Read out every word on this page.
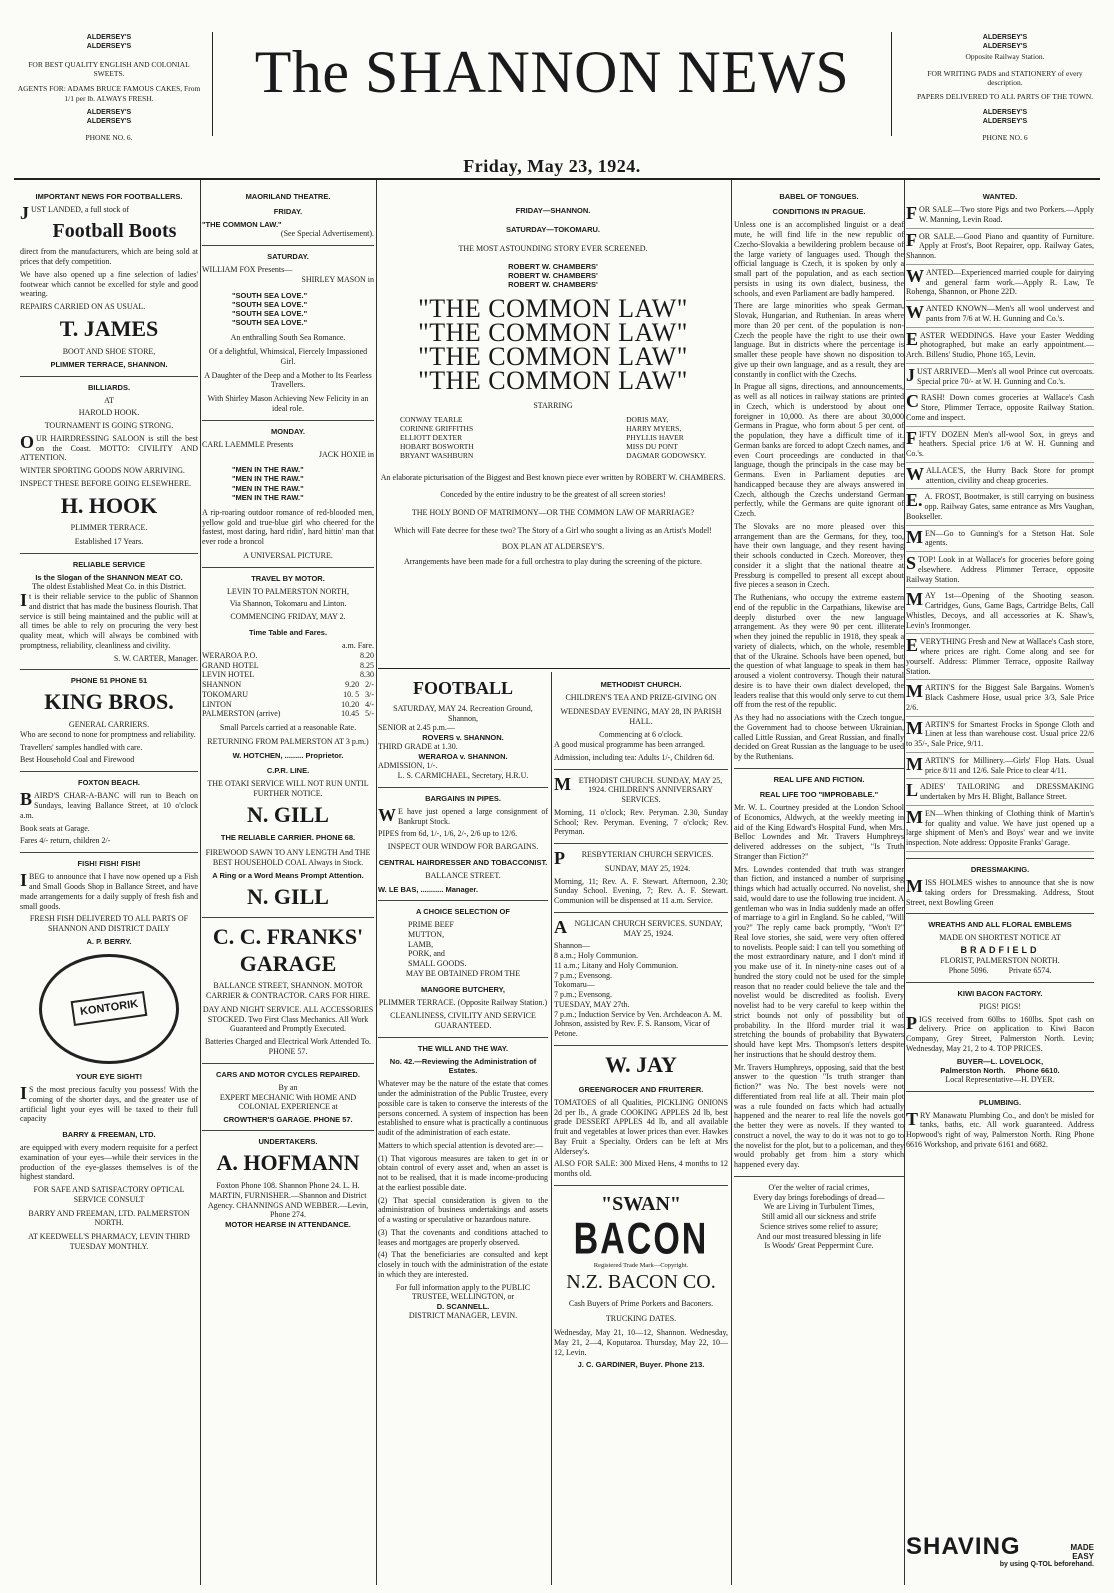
ALDERSEY'S
ALDERSEY'S

FOR BEST QUALITY ENGLISH AND COLONIAL SWEETS.

AGENTS FOR: ADAMS BRUCE FAMOUS CAKES, From 1/1 per lb. ALWAYS FRESH.

ALDERSEY'S
ALDERSEY'S

PHONE NO. 6.

The SHANNON NEWS
Friday, May 23, 1924.

ALDERSEY'S
ALDERSEY'S

Opposite Railway Station.

FOR WRITING PADS and STATIONERY of every description.

PAPERS DELIVERED TO ALL PARTS OF THE TOWN.

ALDERSEY'S
ALDERSEY'S

PHONE NO. 6

IMPORTANT NEWS FOR FOOTBALLERS.
JUST LANDED, a full stock of
Football Boots
direct from the manufacturers, which are being sold at prices that defy competition.
We have also opened up a fine selection of ladies' footwear which cannot be excelled for style and good wearing.
REPAIRS CARRIED ON AS USUAL.
T. JAMES
BOOT AND SHOE STORE,
PLIMMER TERRACE, SHANNON.
BILLIARDS.
AT
HAROLD HOOK.
TOURNAMENT IS GOING STRONG.
OUR HAIRDRESSING SALOON is still the best on the Coast. MOTTO: CIVILITY AND ATTENTION.
WINTER SPORTING GOODS NOW ARRIVING.
INSPECT THESE BEFORE GOING ELSEWHERE.
H. HOOK
PLIMMER TERRACE.
Established 17 Years.
RELIABLE SERVICE
Is the Slogan of the SHANNON MEAT CO.
The oldest Established Meat Co. in this District.
It is their reliable service to the public of Shannon and district that has made the business flourish. That service is still being maintained and the public will at all times be able to rely on procuring the very best quality meat, which will always be combined with promptness, reliability, cleanliness and civility.
S. W. CARTER, Manager.
PHONE 51 PHONE 51
KING BROS.
GENERAL CARRIERS.
Who are second to none for promptness and reliability.
Travellers' samples handled with care.
Best Household Coal and Firewood
FOXTON BEACH.
BAIRD'S CHAR-A-BANC will run to Beach on Sundays, leaving Ballance Street, at 10 o'clock a.m.
Book seats at Garage.
Fares 4/- return, children 2/-
FISH! FISH! FISH!
IBEG to announce that I have now opened up a Fish and Small Goods Shop in Ballance Street, and have made arrangements for a daily supply of fresh fish and small goods.
FRESH FISH DELIVERED TO ALL PARTS OF SHANNON AND DISTRICT DAILY
A. P. BERRY.
KONTORIK
YOUR EYE SIGHT!
IS the most precious faculty you possess! With the coming of the shorter days, and the greater use of artificial light your eyes will be taxed to their full capacity
BARRY & FREEMAN, LTD.
are equipped with every modern requisite for a perfect examination of your eyes—while their services in the production of the eye-glasses themselves is of the highest standard.
FOR SAFE AND SATISFACTORY OPTICAL SERVICE CONSULT
BARRY AND FREEMAN, LTD. PALMERSTON NORTH.
AT KEEDWELL'S PHARMACY, LEVIN THIRD TUESDAY MONTHLY.
MAORILAND THEATRE.
FRIDAY.
"THE COMMON LAW."
(See Special Advertisement).
SATURDAY.
WILLIAM FOX Presents—
SHIRLEY MASON in
"SOUTH SEA LOVE."
"SOUTH SEA LOVE."
"SOUTH SEA LOVE."
"SOUTH SEA LOVE."
An enthralling South Sea Romance.
Of a delightful, Whimsical, Fiercely Impassioned Girl.
A Daughter of the Deep and a Mother to Its Fearless Travellers.
With Shirley Mason Achieving New Felicity in an ideal role.
MONDAY.
CARL LAEMMLE Presents
JACK HOXIE in
"MEN IN THE RAW."
"MEN IN THE RAW."
"MEN IN THE RAW."
"MEN IN THE RAW."
A rip-roaring outdoor romance of red-blooded men, yellow gold and true-blue girl who cheered for the fastest, most daring, hard ridin', hard hittin' man that ever rode a broncol
A UNIVERSAL PICTURE.
TRAVEL BY MOTOR.
LEVIN TO PALMERSTON NORTH,
Via Shannon, Tokomaru and Linton.
COMMENCING FRIDAY, MAY 2.
Time Table and Fares.
a.m. Fare.
WERAROA P.O.	8.20
GRAND HOTEL	8.25
LEVIN HOTEL	8.30
SHANNON	9.20   2/-
TOKOMARU	10. 5   3/-
LINTON	10.20   4/-
PALMERSTON (arrive)	10.45   5/-
Small Parcels carried at a reasonable Rate.
RETURNING FROM PALMERSTON AT 3 p.m.)
W. HOTCHEN, ......... Proprietor.
C.P.R. LINE.
THE OTAKI SERVICE WILL NOT RUN UNTIL FURTHER NOTICE.
N. GILL
THE RELIABLE CARRIER. PHONE 68.
FIREWOOD SAWN TO ANY LENGTH And THE BEST HOUSEHOLD COAL Always in Stock.
A Ring or a Word Means Prompt Attention.
N. GILL
C. C. FRANKS' GARAGE
BALLANCE STREET, SHANNON. MOTOR CARRIER & CONTRACTOR. CARS FOR HIRE.
DAY AND NIGHT SERVICE. ALL ACCESSORIES STOCKED. Two First Class Mechanics. All Work Guaranteed and Promptly Executed.
Batteries Charged and Electrical Work Attended To. PHONE 57.
CARS AND MOTOR CYCLES REPAIRED.
By an
EXPERT MECHANIC With HOME AND COLONIAL EXPERIENCE at
CROWTHER'S GARAGE. PHONE 57.
UNDERTAKERS.
A. HOFMANN
Foxton Phone 108. Shannon Phone 24. L. H. MARTIN, FURNISHER.—Shannon and District Agency. CHANNINGS AND WEBBER.—Levin, Phone 274.
MOTOR HEARSE IN ATTENDANCE.
FRIDAY—SHANNON.
SATURDAY—TOKOMARU.
THE MOST ASTOUNDING STORY EVER SCREENED.
ROBERT W. CHAMBERS'
ROBERT W. CHAMBERS'
ROBERT W. CHAMBERS'
"THE COMMON LAW"
"THE COMMON LAW"
"THE COMMON LAW"
"THE COMMON LAW"
STARRING
CONWAY TEARLE
CORINNE GRIFFITHS
ELLIOTT DEXTER
HOBART BOSWORTH
BRYANT WASHBURN
DORIS MAY,
HARRY MYERS,
PHYLLIS HAVER
MISS DU PONT
DAGMAR GODOWSKY.
An elaborate picturisation of the Biggest and Best known piece ever written by ROBERT W. CHAMBERS.
Conceded by the entire industry to be the greatest of all screen stories!
THE HOLY BOND OF MATRIMONY—OR THE COMMON LAW OF MARRIAGE?
Which will Fate decree for these two? The Story of a Girl who sought a living as an Artist's Model!
BOX PLAN AT ALDERSEY'S.
Arrangements have been made for a full orchestra to play during the screening of the picture.
FOOTBALL
SATURDAY, MAY 24. Recreation Ground, Shannon,
SENIOR at 2.45 p.m.—
ROVERS v. SHANNON.
THIRD GRADE at 1.30.
WERAROA v. SHANNON.
ADMISSION, 1/-.
L. S. CARMICHAEL, Secretary, H.R.U.
BARGAINS IN PIPES.
WE have just opened a large consignment of Bankrupt Stock.
PIPES from 6d, 1/-, 1/6, 2/-, 2/6 up to 12/6.
INSPECT OUR WINDOW FOR BARGAINS.
CENTRAL HAIRDRESSER AND TOBACCONIST.
BALLANCE STREET.
W. LE BAS, ........... Manager.
A CHOICE SELECTION OF
PRIME BEEF
MUTTON,
LAMB,
PORK, and
SMALL GOODS.
MAY BE OBTAINED FROM THE
MANGORE BUTCHERY,
PLIMMER TERRACE. (Opposite Railway Station.)
CLEANLINESS, CIVILITY AND SERVICE GUARANTEED.
THE WILL AND THE WAY.
No. 42.—Reviewing the Administration of Estates.
Whatever may be the nature of the estate that comes under the administration of the Public Trustee, every possible care is taken to conserve the interests of the persons concerned. A system of inspection has been established to ensure what is practically a continuous audit of the administration of each estate.
Matters to which special attention is devoted are:—
(1) That vigorous measures are taken to get in or obtain control of every asset and, when an asset is not to be realised, that it is made income-producing at the earliest possible date.
(2) That special consideration is given to the administration of business undertakings and assets of a wasting or speculative or hazardous nature.
(3) That the covenants and conditions attached to leases and mortgages are properly observed.
(4) That the beneficiaries are consulted and kept closely in touch with the administration of the estate in which they are interested.
For full information apply to the PUBLIC TRUSTEE, WELLINGTON, or
D. SCANNELL.
DISTRICT MANAGER, LEVIN.
METHODIST CHURCH.
CHILDREN'S TEA AND PRIZE-GIVING ON
WEDNESDAY EVENING, MAY 28, IN PARISH HALL.
Commencing at 6 o'clock.
A good musical programme has been arranged.
Admission, including tea: Adults 1/-, Children 6d.
METHODIST CHURCH. SUNDAY, MAY 25, 1924. CHILDREN'S ANNIVERSARY SERVICES.
Morning, 11 o'clock; Rev. Peryman. 2.30, Sunday School; Rev. Peryman. Evening, 7 o'clock; Rev. Peryman.
PRESBYTERIAN CHURCH SERVICES.
SUNDAY, MAY 25, 1924.
Morning, 11; Rev. A. F. Stewart. Afternoon, 2.30; Sunday School. Evening, 7; Rev. A. F. Stewart. Communion will be dispensed at 11 a.m. Service.
ANGLICAN CHURCH SERVICES. SUNDAY, MAY 25, 1924.
Shannon—
8 a.m.; Holy Communion.
11 a.m.; Litany and Holy Communion.
7 p.m.; Evensong.
Tokomaru—
7 p.m.; Evensong.
TUESDAY, MAY 27th.
7 p.m.; Induction Service by Ven. Archdeacon A. M. Johnson, assisted by Rev. F. S. Ransom, Vicar of Petone.
W. JAY
GREENGROCER AND FRUITERER.
TOMATOES of all Qualities, PICKLING ONIONS 2d per lb., A grade COOKING APPLES 2d lb, best grade DESSERT APPLES 4d lb, and all available fruit and vegetables at lower prices than ever. Hawkes Bay Fruit a Specialty. Orders can be left at Mrs Aldersey's.
ALSO FOR SALE: 300 Mixed Hens, 4 months to 12 months old.
"SWAN"
BACON
Registered Trade Mark—Copyright.
N.Z. BACON CO.
Cash Buyers of Prime Porkers and Baconers.
TRUCKING DATES.
Wednesday, May 21, 10—12, Shannon. Wednesday, May 21, 2—4, Koputaroa. Thursday, May 22, 10—12, Levin.
J. C. GARDINER, Buyer. Phone 213.
BABEL OF TONGUES.
CONDITIONS IN PRAGUE.
Unless one is an accomplished linguist or a deaf mute, he will find life in the new republic of Czecho-Slovakia a bewildering problem because of the large variety of languages used. Though the official language is Czech, it is spoken by only a small part of the population, and as each section persists in using its own dialect, business, the schools, and even Parliament are badly hampered.
There are large minorities who speak German, Slovak, Hungarian, and Ruthenian. In areas where more than 20 per cent. of the population is non-Czech the people have the right to use their own language. But in districts where the percentage is smaller these people have shown no disposition to give up their own language, and as a result, they are constantly in conflict with the Czechs.
In Prague all signs, directions, and announcements, as well as all notices in railway stations are printed in Czech, which is understood by about one foreigner in 10,000. As there are about 30,000 Germans in Prague, who form about 5 per cent. of the population, they have a difficult time of it. German banks are forced to adopt Czech names, and even Court proceedings are conducted in that language, though the principals in the case may be Germans. Even in Parliament deputies are handicapped because they are always answered in Czech, although the Czechs understand German perfectly, while the Germans are quite ignorant of Czech.
The Slovaks are no more pleased over this arrangement than are the Germans, for they, too, have their own language, and they resent having their schools conducted in Czech. Moreover, they consider it a slight that the national theatre at Pressburg is compelled to present all except about five pieces a season in Czech.
The Ruthenians, who occupy the extreme eastern end of the republic in the Carpathians, likewise are deeply disturbed over the new language arrangement. As they were 90 per cent. illiterate when they joined the republic in 1918, they speak a variety of dialects, which, on the whole, resemble that of the Ukraine. Schools have been opened, but the question of what language to speak in them has aroused a violent controversy. Though their natural desire is to have their own dialect developed, the leaders realise that this would only serve to cut them off from the rest of the republic.
As they had no associations with the Czech tongue, the Government had to choose between Ukrainian, called Little Russian, and Great Russian, and finally decided on Great Russian as the language to be used by the Ruthenians.
REAL LIFE AND FICTION.
REAL LIFE TOO "IMPROBABLE."
Mr. W. L. Courtney presided at the London School of Economics, Aldwych, at the weekly meeting in aid of the King Edward's Hospital Fund, when Mrs. Belloc Lowndes and Mr. Travers Humphreys delivered addresses on the subject, "Is Truth Stranger than Fiction?"
Mrs. Lowndes contended that truth was stranger than fiction, and instanced a number of surprising things which had actually occurred. No novelist, she said, would dare to use the following true incident. A gentleman who was in India suddenly made an offer of marriage to a girl in England. So he cabled, "Will you?" The reply came back promptly, "Won't I?" Real love stories, she said, were very often offered to novelists. People said: I can tell you something of the most extraordinary nature, and I don't mind if you make use of it. In ninety-nine cases out of a hundred the story could not be used for the simple reason that no reader could believe the tale and the novelist would be discredited as foolish. Every novelist had to be very careful to keep within the strict bounds not only of possibility but of probability. In the Ilford murder trial it was stretching the bounds of probability that Bywaters should have kept Mrs. Thompson's letters despite her instructions that he should destroy them.
Mr. Travers Humphreys, opposing, said that the best answer to the question "Is truth stranger than fiction?" was No. The best novels were not differentiated from real life at all. Their main plot was a rule founded on facts which had actually happened and the nearer to real life the novels got the better they were as novels. If they wanted to construct a novel, the way to do it was not to go to the novelist for the plot, but to a policeman, and they would probably get from him a story which happened every day.
O'er the welter of racial crimes,
Every day brings forebodings of dread—
We are Living in Turbulent Times,
Still amid all our sickness and strife
Science strives some relief to assure;
And our most treasured blessing in life
Is Woods' Great Peppermint Cure.
WANTED.
FOR SALE—Two store Pigs and two Porkers.—Apply W. Manning, Levin Road.
FOR SALE.—Good Piano and quantity of Furniture. Apply at Frost's, Boot Repairer, opp. Railway Gates, Shannon.
WANTED—Experienced married couple for dairying and general farm work.—Apply R. Law, Te Rohenga, Shannon, or Phone 22D.
WANTED KNOWN—Men's all wool undervest and pants from 7/6 at W. H. Gunning and Co.'s.
EASTER WEDDINGS. Have your Easter Wedding photographed, but make an early appointment.—Arch. Billens' Studio, Phone 165, Levin.
JUST ARRIVED—Men's all wool Prince cut overcoats. Special price 70/- at W. H. Gunning and Co.'s.
CRASH! Down comes groceries at Wallace's Cash Store, Plimmer Terrace, opposite Railway Station. Come and inspect.
FIFTY DOZEN Men's all-wool Sox, in greys and heathers. Special price 1/6 at W. H. Gunning and Co.'s.
WALLACE'S, the Hurry Back Store for prompt attention, civility and cheap groceries.
E.A. FROST, Bootmaker, is still carrying on business opp. Railway Gates, same entrance as Mrs Vaughan, Bookseller.
MEN—Go to Gunning's for a Stetson Hat. Sole agents.
STOP! Look in at Wallace's for groceries before going elsewhere. Address Plimmer Terrace, opposite Railway Station.
MAY 1st—Opening of the Shooting season. Cartridges, Guns, Game Bags, Cartridge Belts, Call Whistles, Decoys, and all accessories at K. Shaw's, Levin's Ironmonger.
EVERYTHING Fresh and New at Wallace's Cash store, where prices are right. Come along and see for yourself. Address: Plimmer Terrace, opposite Railway Station.
MARTIN'S for the Biggest Sale Bargains. Women's Black Cashmere Hose, usual price 3/3, Sale Price 2/6.
MARTIN'S for Smartest Frocks in Sponge Cloth and Linen at less than warehouse cost. Usual price 22/6 to 35/-, Sale Price, 9/11.
MARTIN'S for Millinery.—Girls' Flop Hats. Usual price 8/11 and 12/6. Sale Price to clear 4/11.
LADIES' TAILORING and DRESSMAKING undertaken by Mrs H. Blight, Ballance Street.
MEN—When thinking of Clothing think of Martin's for quality and value. We have just opened up a large shipment of Men's and Boys' wear and we invite inspection. Note address: Opposite Franks' Garage.
DRESSMAKING.
MISS HOLMES wishes to announce that she is now taking orders for Dressmaking. Address, Stout Street, next Bowling Green
WREATHS AND ALL FLORAL EMBLEMS
MADE ON SHORTEST NOTICE AT
BRADFIELD
FLORIST, PALMERSTON NORTH.
Phone 5096.          Private 6574.
KIWI BACON FACTORY.
PIGS! PIGS!
PIGS received from 60lbs to 160lbs. Spot cash on delivery. Price on application to Kiwi Bacon Company, Grey Street, Palmerston North. Levin; Wednesday, May 21, 2 to 4. TOP PRICES.
BUYER—L. LOVELOCK,
Palmerston North.     Phone 6610.
Local Representative—H. DYER.
PLUMBING.
TRY Manawatu Plumbing Co., and don't be misled for tanks, baths, etc. All work guaranteed. Address Hopwood's right of way, Palmerston North. Ring Phone 6616 Workshop, and private 6161 and 6682.
SHAVING	MADE EASY
by using Q-TOL beforehand.
